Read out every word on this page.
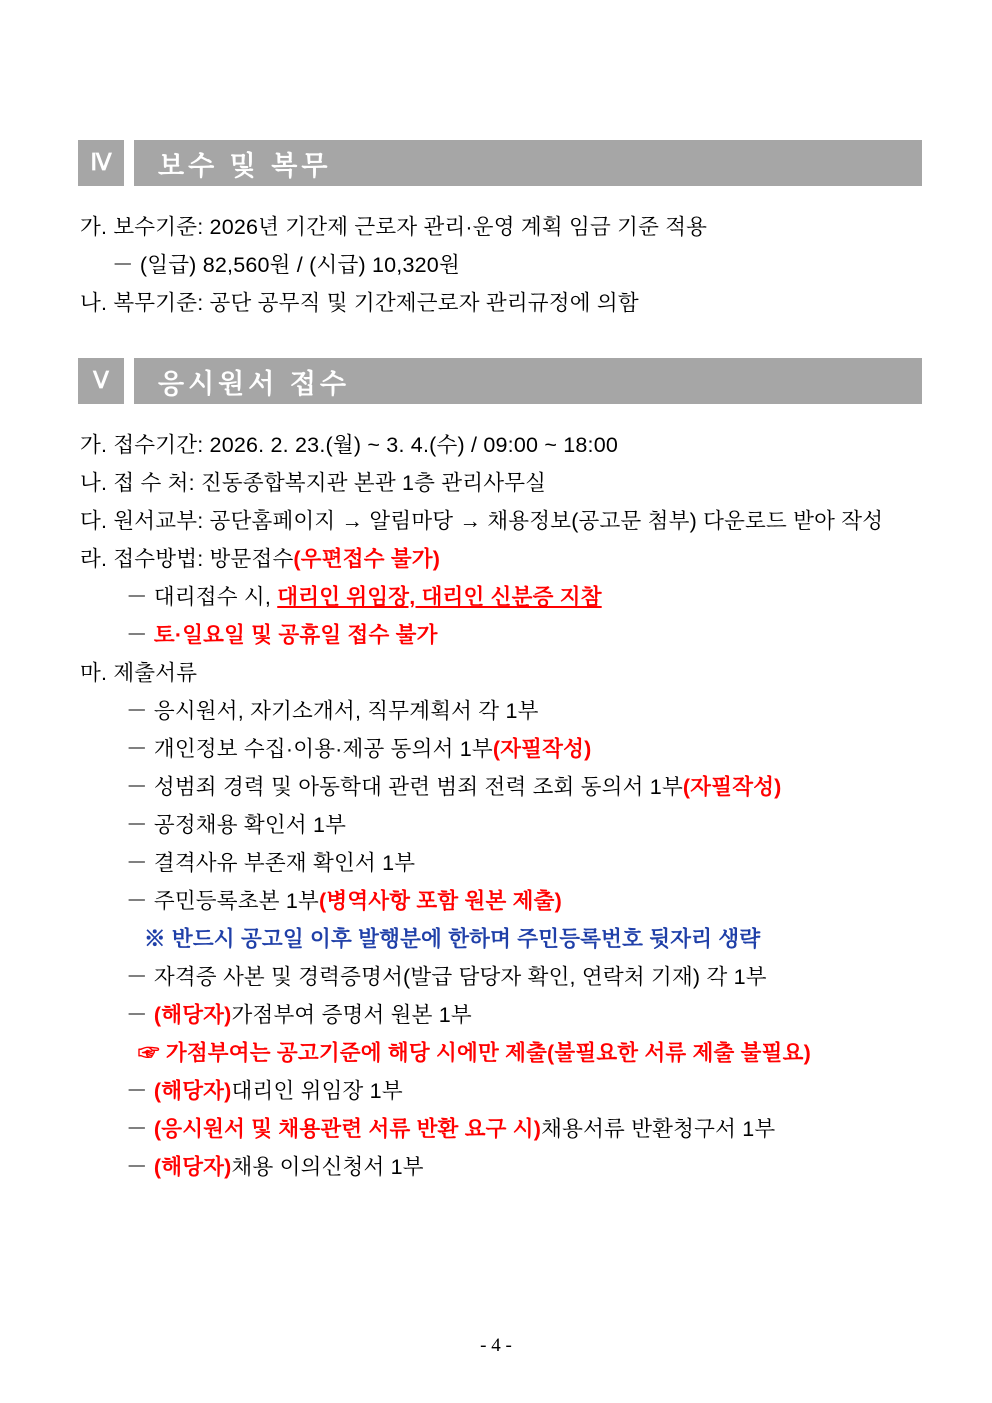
Ⅳ	보수 및 복무
가. 보수기준: 2026년 기간제 근로자 관리·운영 계획 임금 기준 적용
－ (일급) 82,560원 / (시급) 10,320원
나. 복무기준: 공단 공무직 및 기간제근로자 관리규정에 의함
Ⅴ	응시원서 접수
가. 접수기간: 2026. 2. 23.(월) ~ 3. 4.(수) / 09:00 ~ 18:00
나. 접 수 처: 진동종합복지관 본관 1층 관리사무실
다. 원서교부: 공단홈페이지 → 알림마당 → 채용정보(공고문 첨부) 다운로드 받아 작성
라. 접수방법: 방문접수(우편접수 불가)
－ 대리접수 시, 대리인 위임장, 대리인 신분증 지참
－ 토·일요일 및 공휴일 접수 불가
마. 제출서류
－ 응시원서, 자기소개서, 직무계획서 각 1부
－ 개인정보 수집·이용·제공 동의서 1부(자필작성)
－ 성범죄 경력 및 아동학대 관련 범죄 전력 조회 동의서 1부(자필작성)
－ 공정채용 확인서 1부
－ 결격사유 부존재 확인서 1부
－ 주민등록초본 1부(병역사항 포함 원본 제출)
※ 반드시 공고일 이후 발행분에 한하며 주민등록번호 뒷자리 생략
－ 자격증 사본 및 경력증명서(발급 담당자 확인, 연락처 기재) 각 1부
－ (해당자)가점부여 증명서 원본 1부
☞ 가점부여는 공고기준에 해당 시에만 제출(불필요한 서류 제출 불필요)
－ (해당자)대리인 위임장 1부
－ (응시원서 및 채용관련 서류 반환 요구 시)채용서류 반환청구서 1부
－ (해당자)채용 이의신청서 1부
- 4 -
